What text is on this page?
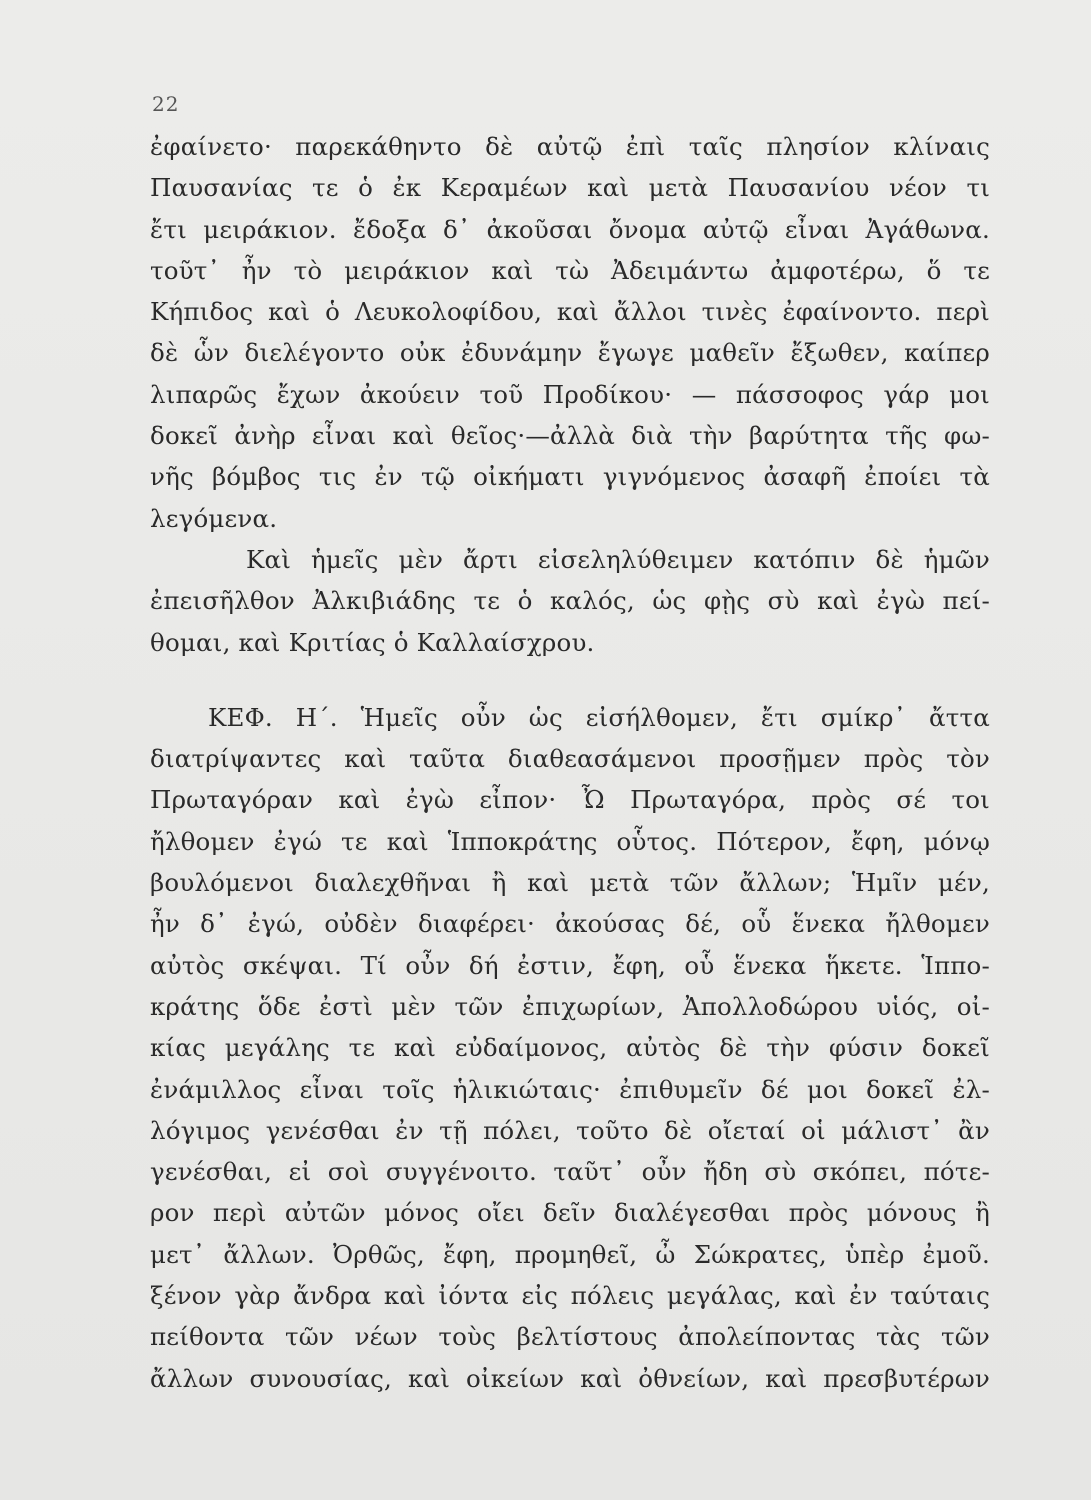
22
ἐφαίνετο· παρεκάθηντο δὲ αὐτῷ ἐπὶ ταῖς πλησίον κλίναις
Παυσανίας τε ὁ ἐκ Κεραμέων καὶ μετὰ Παυσανίου νέον τι
ἔτι μειράκιον. ἔδοξα δ᾽ ἀκοῦσαι ὄνομα αὐτῷ εἶναι Ἀγάθωνα.
τοῦτ᾽ ἦν τὸ μειράκιον καὶ τὼ Ἀδειμάντω ἀμφοτέρω, ὅ τε
Κήπιδος καὶ ὁ Λευκολοφίδου, καὶ ἄλλοι τινὲς ἐφαίνοντο. περὶ
δὲ ὧν διελέγοντο οὐκ ἐδυνάμην ἔγωγε μαθεῖν ἔξωθεν, καίπερ
λιπαρῶς ἔχων ἀκούειν τοῦ Προδίκου· — πάσσοφος γάρ μοι
δοκεῖ ἀνὴρ εἶναι καὶ θεῖος·—ἀλλὰ διὰ τὴν βαρύτητα τῆς φω-
νῆς βόμβος τις ἐν τῷ οἰκήματι γιγνόμενος ἀσαφῆ ἐποίει τὰ
λεγόμενα.
Καὶ ἡμεῖς μὲν ἄρτι εἰσεληλύθειμεν κατόπιν δὲ ἡμῶν
ἐπεισῆλθον Ἀλκιβιάδης τε ὁ καλός, ὡς φῂς σὺ καὶ ἐγὼ πεί-
θομαι, καὶ Κριτίας ὁ Καλλαίσχρου.
ΚΕΦ. Η΄. Ἡμεῖς οὖν ὡς εἰσήλθομεν, ἔτι σμίκρ᾽ ἄττα
διατρίψαντες καὶ ταῦτα διαθεασάμενοι προσῇμεν πρὸς τὸν
Πρωταγόραν καὶ ἐγὼ εἶπον· Ὦ Πρωταγόρα, πρὸς σέ τοι
ἤλθομεν ἐγώ τε καὶ Ἱπποκράτης οὗτος. Πότερον, ἔφη, μόνῳ
βουλόμενοι διαλεχθῆναι ἢ καὶ μετὰ τῶν ἄλλων; Ἡμῖν μέν,
ἦν δ᾽ ἐγώ, οὐδὲν διαφέρει· ἀκούσας δέ, οὗ ἕνεκα ἤλθομεν
αὐτὸς σκέψαι. Τί οὖν δή ἐστιν, ἔφη, οὗ ἕνεκα ἥκετε. Ἱππο-
κράτης ὅδε ἐστὶ μὲν τῶν ἐπιχωρίων, Ἀπολλοδώρου υἱός, οἰ-
κίας μεγάλης τε καὶ εὐδαίμονος, αὐτὸς δὲ τὴν φύσιν δοκεῖ
ἐνάμιλλος εἶναι τοῖς ἡλικιώταις· ἐπιθυμεῖν δέ μοι δοκεῖ ἐλ-
λόγιμος γενέσθαι ἐν τῇ πόλει, τοῦτο δὲ οἴεταί οἱ μάλιστ᾽ ἂν
γενέσθαι, εἰ σοὶ συγγένοιτο. ταῦτ᾽ οὖν ἤδη σὺ σκόπει, πότε-
ρον περὶ αὐτῶν μόνος οἴει δεῖν διαλέγεσθαι πρὸς μόνους ἢ
μετ᾽ ἄλλων. Ὀρθῶς, ἔφη, προμηθεῖ, ὦ Σώκρατες, ὑπὲρ ἐμοῦ.
ξένον γὰρ ἄνδρα καὶ ἰόντα εἰς πόλεις μεγάλας, καὶ ἐν ταύταις
πείθοντα τῶν νέων τοὺς βελτίστους ἀπολείποντας τὰς τῶν
ἄλλων συνουσίας, καὶ οἰκείων καὶ ὀθνείων, καὶ πρεσβυτέρων
